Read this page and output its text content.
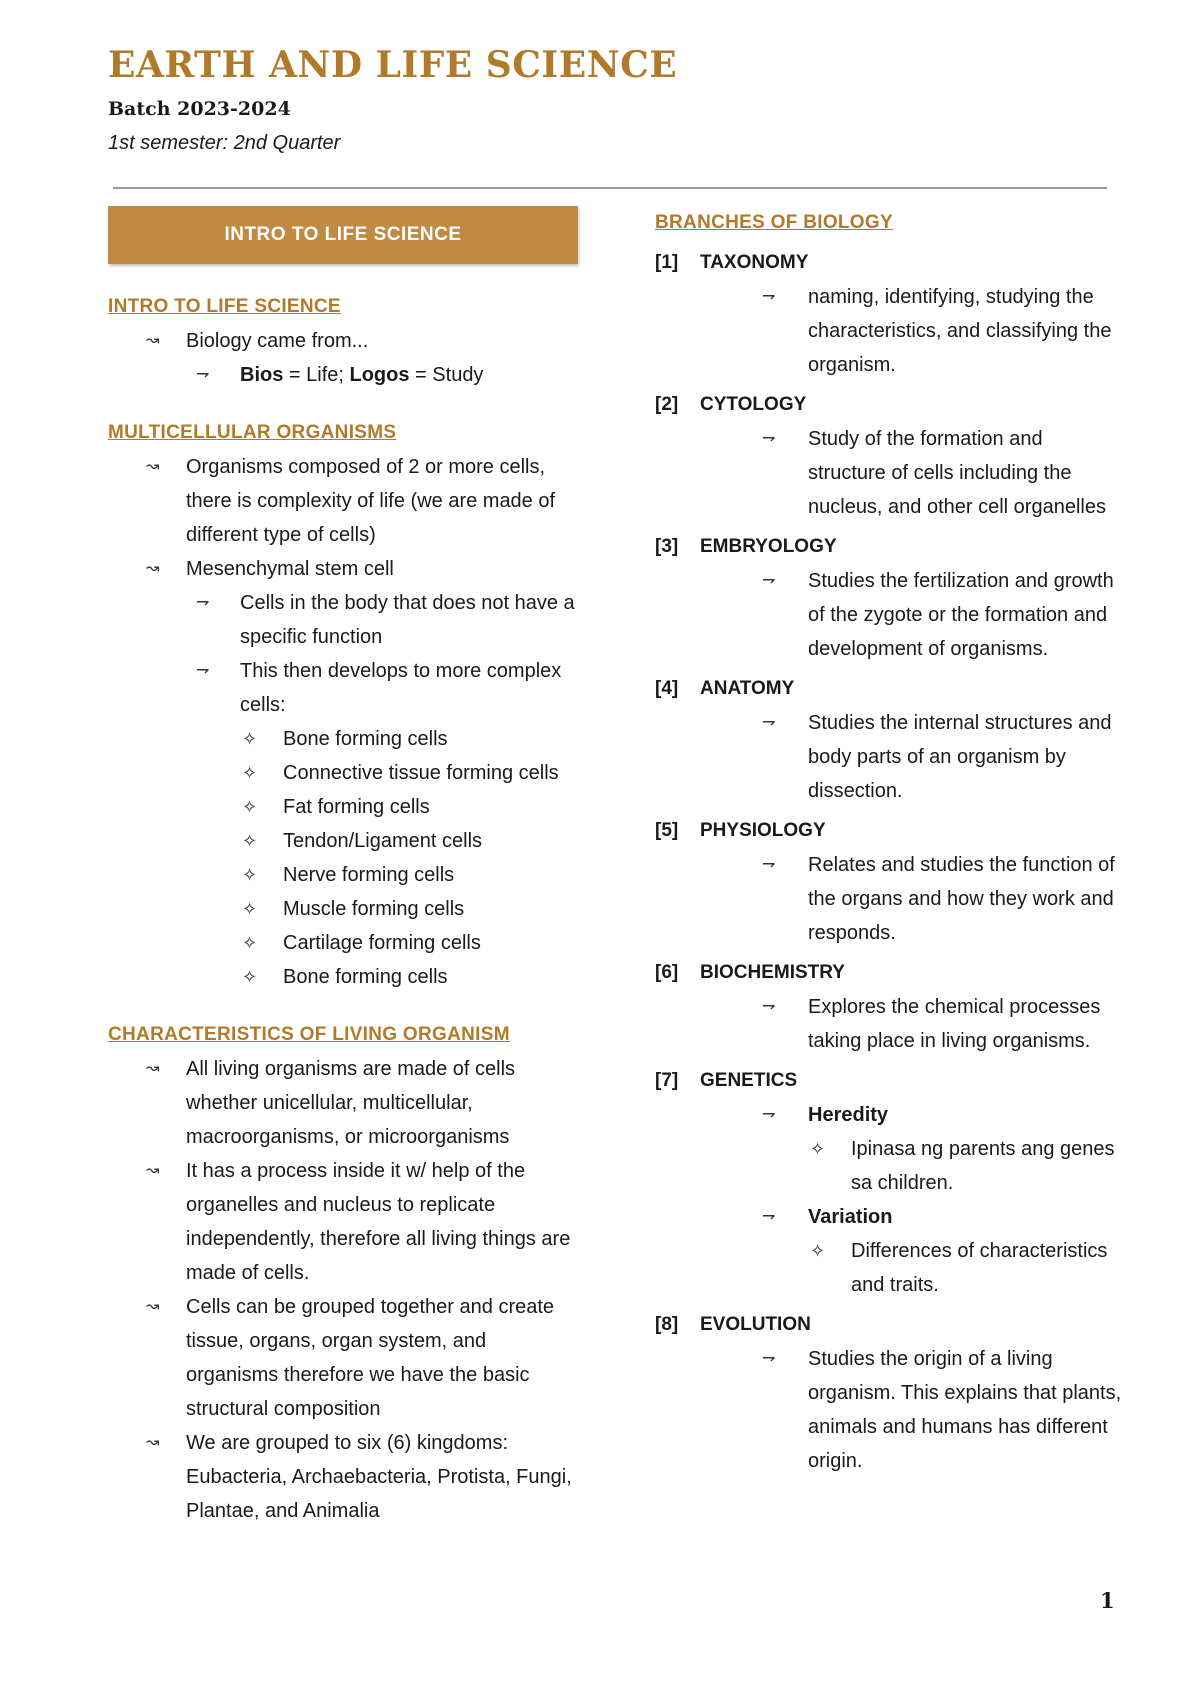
EARTH AND LIFE SCIENCE
Batch 2023-2024
1st semester: 2nd Quarter
INTRO TO LIFE SCIENCE
INTRO TO LIFE SCIENCE
↝ Biology came from...
⇁ Bios = Life; Logos = Study
MULTICELLULAR ORGANISMS
↝ Organisms composed of 2 or more cells, there is complexity of life (we are made of different type of cells)
↝ Mesenchymal stem cell
⇁ Cells in the body that does not have a specific function
⇁ This then develops to more complex cells:
✧ Bone forming cells
✧ Connective tissue forming cells
✧ Fat forming cells
✧ Tendon/Ligament cells
✧ Nerve forming cells
✧ Muscle forming cells
✧ Cartilage forming cells
✧ Bone forming cells
CHARACTERISTICS OF LIVING ORGANISM
↝ All living organisms are made of cells whether unicellular, multicellular, macroorganisms, or microorganisms
↝ It has a process inside it w/ help of the organelles and nucleus to replicate independently, therefore all living things are made of cells.
↝ Cells can be grouped together and create tissue, organs, organ system, and organisms therefore we have the basic structural composition
↝ We are grouped to six (6) kingdoms: Eubacteria, Archaebacteria, Protista, Fungi, Plantae, and Animalia
BRANCHES OF BIOLOGY
[1] TAXONOMY
⇁ naming, identifying, studying the characteristics, and classifying the organism.
[2] CYTOLOGY
⇁ Study of the formation and structure of cells including the nucleus, and other cell organelles
[3] EMBRYOLOGY
⇁ Studies the fertilization and growth of the zygote or the formation and development of organisms.
[4] ANATOMY
⇁ Studies the internal structures and body parts of an organism by dissection.
[5] PHYSIOLOGY
⇁ Relates and studies the function of the organs and how they work and responds.
[6] BIOCHEMISTRY
⇁ Explores the chemical processes taking place in living organisms.
[7] GENETICS
⇁ Heredity
✧ Ipinasa ng parents ang genes sa children.
⇁ Variation
✧ Differences of characteristics and traits.
[8] EVOLUTION
⇁ Studies the origin of a living organism. This explains that plants, animals and humans has different origin.
1
